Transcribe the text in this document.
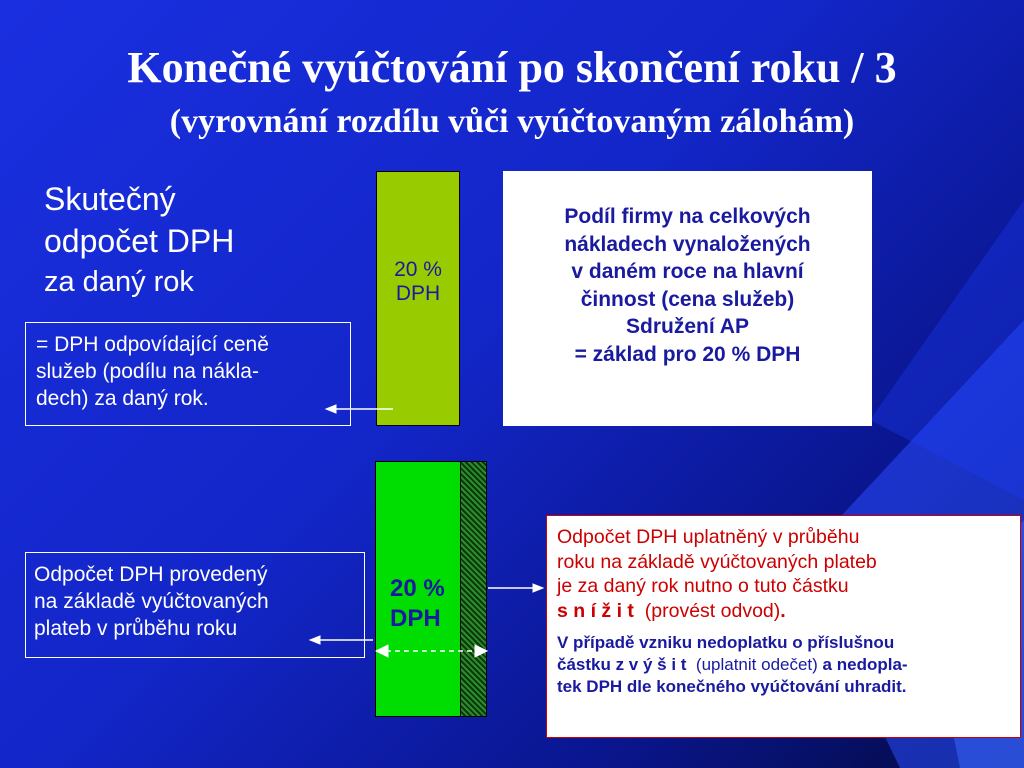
Konečné vyúčtování po skončení roku / 3
(vyrovnání rozdílu vůči vyúčtovaným zálohám)
Skutečný
odpočet DPH
za daný rok
= DPH odpovídající ceně
služeb (podílu na nákla-
dech) za daný rok.
20 %
DPH
Podíl firmy na celkových
nákladech vynaložených
v daném roce na hlavní
činnost (cena služeb)
Sdružení AP
= základ pro 20 % DPH
20 %
DPH
Odpočet DPH provedený
na základě vyúčtovaných
plateb v průběhu roku
Odpočet DPH uplatněný v průběhu
roku na základě vyúčtovaných plateb
je za daný rok nutno o tuto částku
s n í ž i t (provést odvod).
V případě vzniku nedoplatku o příslušnou
částku z v ý š i t (uplatnit odečet) a nedopla-
tek DPH dle konečného vyúčtování uhradit.
